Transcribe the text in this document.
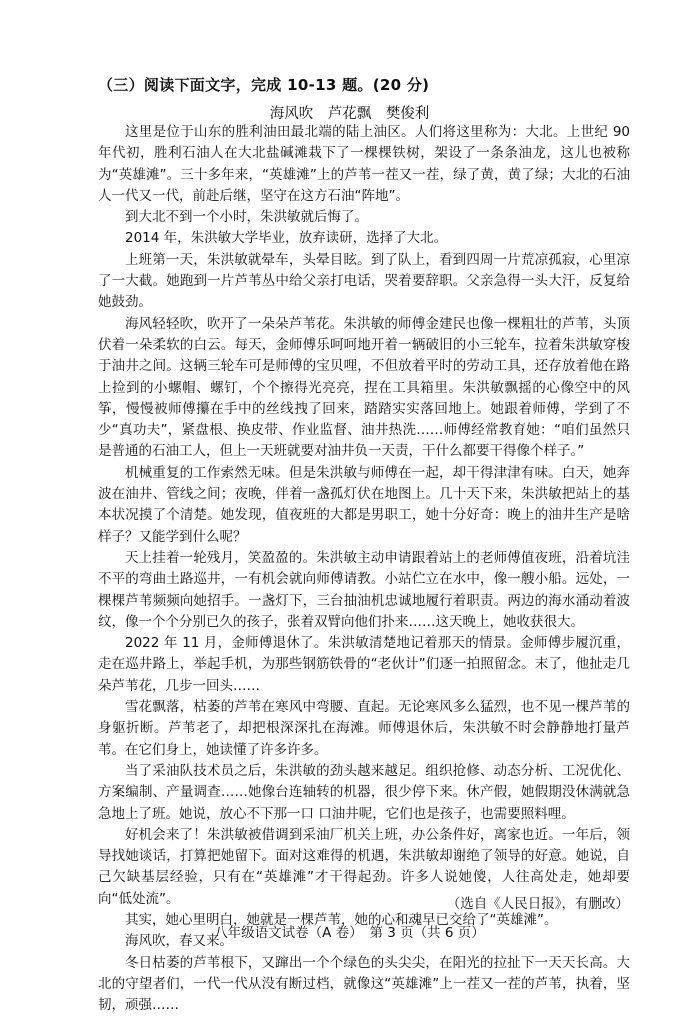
（三）阅读下面文字，完成 10-13 题。(20 分)
海风吹　芦花飘　樊俊利

这里是位于山东的胜利油田最北端的陆上油区。人们将这里称为：大北。上世纪 90 年代初，胜利石油人在大北盐碱滩栽下了一棵棵铁树，架设了一条条油龙，这儿也被称为“英雄滩”。三十多年来，“英雄滩”上的芦苇一茬又一茬，绿了黄，黄了绿；大北的石油人一代又一代，前赴后继，坚守在这方石油“阵地”。

到大北不到一个小时，朱洪敏就后悔了。

2014 年，朱洪敏大学毕业，放弃读研，选择了大北。

上班第一天，朱洪敏就晕车，头晕目眩。到了队上，看到四周一片荒凉孤寂，心里凉了一大截。她跑到一片芦苇丛中给父亲打电话，哭着要辞职。父亲急得一头大汗，反复给她鼓劲。

海风轻轻吹，吹开了一朵朵芦苇花。朱洪敏的师傅金建民也像一棵粗壮的芦苇，头顶伏着一朵柔软的白云。每天，金师傅乐呵呵地开着一辆破旧的小三轮车，拉着朱洪敏穿梭于油井之间。这辆三轮车可是师傅的宝贝哩，不但放着平时的劳动工具，还存放着他在路上捡到的小螺帽、螺钉，个个擦得光亮亮，捏在工具箱里。朱洪敏飘摇的心像空中的风筝，慢慢被师傅攥在手中的丝线拽了回来，踏踏实实落回地上。她跟着师傅，学到了不少“真功夫”，紧盘根、换皮带、作业监督、油井热洗……师傅经常教育她：“咱们虽然只是普通的石油工人，但上一天班就要对油井负一天责，干什么都要干得像个样子。”

机械重复的工作索然无味。但是朱洪敏与师傅在一起，却干得津津有味。白天，她奔波在油井、管线之间；夜晚，伴着一盏孤灯伏在地图上。几十天下来，朱洪敏把站上的基本状况摸了个清楚。她发现，值夜班的大都是男职工，她十分好奇：晚上的油井生产是啥样子？又能学到什么呢？

天上挂着一轮残月，笑盈盈的。朱洪敏主动申请跟着站上的老师傅值夜班，沿着坑洼不平的弯曲土路巡井，一有机会就向师傅请教。小站伫立在水中，像一艘小船。远处，一棵棵芦苇频频向她招手。一盏灯下，三台抽油机忠诚地履行着职责。两边的海水涌动着波纹，像一个个分别已久的孩子，张着双臂向他们扑来……这天晚上，她收获很大。

2022 年 11 月，金师傅退休了。朱洪敏清楚地记着那天的情景。金师傅步履沉重，走在巡井路上，举起手机，为那些钢筋铁骨的“老伙计”们逐一拍照留念。末了，他扯走几朵芦苇花，几步一回头……

雪花飘落，枯萎的芦苇在寒风中弯腰、直起。无论寒风多么猛烈，也不见一棵芦苇的身躯折断。芦苇老了，却把根深深扎在海滩。师傅退休后，朱洪敏不时会静静地打量芦苇。在它们身上，她读懂了许多许多。

当了采油队技术员之后，朱洪敏的劲头越来越足。组织抢修、动态分析、工况优化、方案编制、产量调查……她像台连轴转的机器，很少停下来。休产假，她假期没休满就急急地上了班。她说，放心不下那一口 口油井呢，它们也是孩子，也需要照料哩。

好机会来了！朱洪敏被借调到采油厂机关上班，办公条件好，离家也近。一年后，领导找她谈话，打算把她留下。面对这难得的机遇，朱洪敏却谢绝了领导的好意。她说，自己欠缺基层经验，只有在“英雄滩”才干得起劲。许多人说她傻，人往高处走，她却要向“低处流”。

其实，她心里明白，她就是一棵芦苇，她的心和魂早已交给了“英雄滩”。

海风吹，春又来。

冬日枯萎的芦苇根下，又蹿出一个个绿色的头尖尖，在阳光的拉扯下一天天长高。大北的守望者们，一代一代从没有断过档，就像这“英雄滩”上一茬又一茬的芦苇，执着，坚韧，顽强……

（选自《人民日报》，有删改）
八年级语文试卷（A 卷）　第 3 页（共 6 页）
